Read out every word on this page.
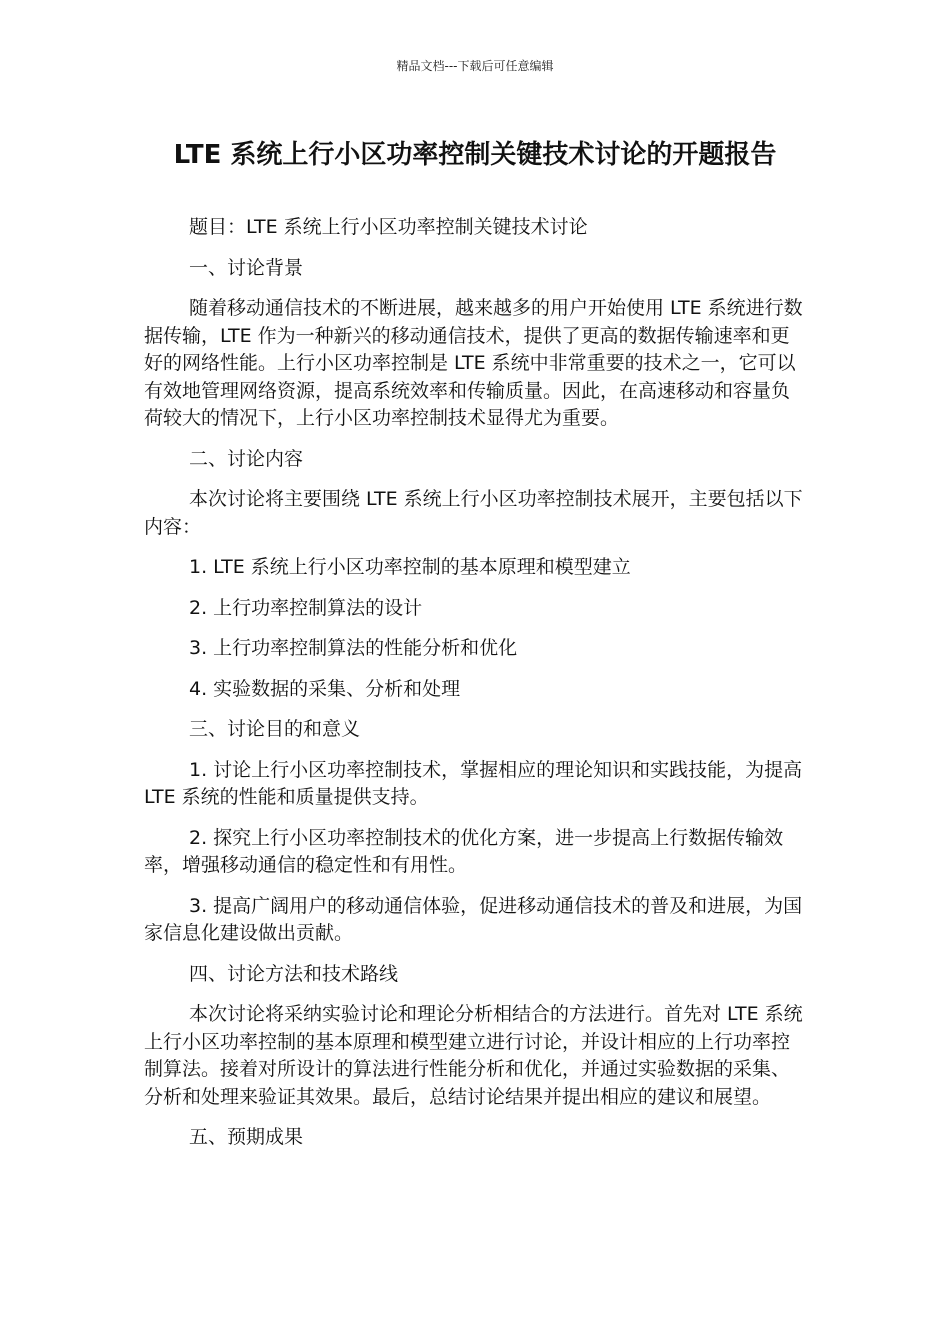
精品文档---下载后可任意编辑
LTE 系统上行小区功率控制关键技术讨论的开题报告

题目：LTE 系统上行小区功率控制关键技术讨论

一、讨论背景

随着移动通信技术的不断进展，越来越多的用户开始使用 LTE 系统进行数据传输，LTE 作为一种新兴的移动通信技术，提供了更高的数据传输速率和更好的网络性能。上行小区功率控制是 LTE 系统中非常重要的技术之一，它可以有效地管理网络资源，提高系统效率和传输质量。因此，在高速移动和容量负荷较大的情况下，上行小区功率控制技术显得尤为重要。

二、讨论内容

本次讨论将主要围绕 LTE 系统上行小区功率控制技术展开，主要包括以下内容：

1. LTE 系统上行小区功率控制的基本原理和模型建立

2. 上行功率控制算法的设计

3. 上行功率控制算法的性能分析和优化

4. 实验数据的采集、分析和处理

三、讨论目的和意义

1. 讨论上行小区功率控制技术，掌握相应的理论知识和实践技能，为提高 LTE 系统的性能和质量提供支持。

2. 探究上行小区功率控制技术的优化方案，进一步提高上行数据传输效率，增强移动通信的稳定性和有用性。

3. 提高广阔用户的移动通信体验，促进移动通信技术的普及和进展，为国家信息化建设做出贡献。

四、讨论方法和技术路线

本次讨论将采纳实验讨论和理论分析相结合的方法进行。首先对 LTE 系统上行小区功率控制的基本原理和模型建立进行讨论，并设计相应的上行功率控制算法。接着对所设计的算法进行性能分析和优化，并通过实验数据的采集、分析和处理来验证其效果。最后，总结讨论结果并提出相应的建议和展望。

五、预期成果
